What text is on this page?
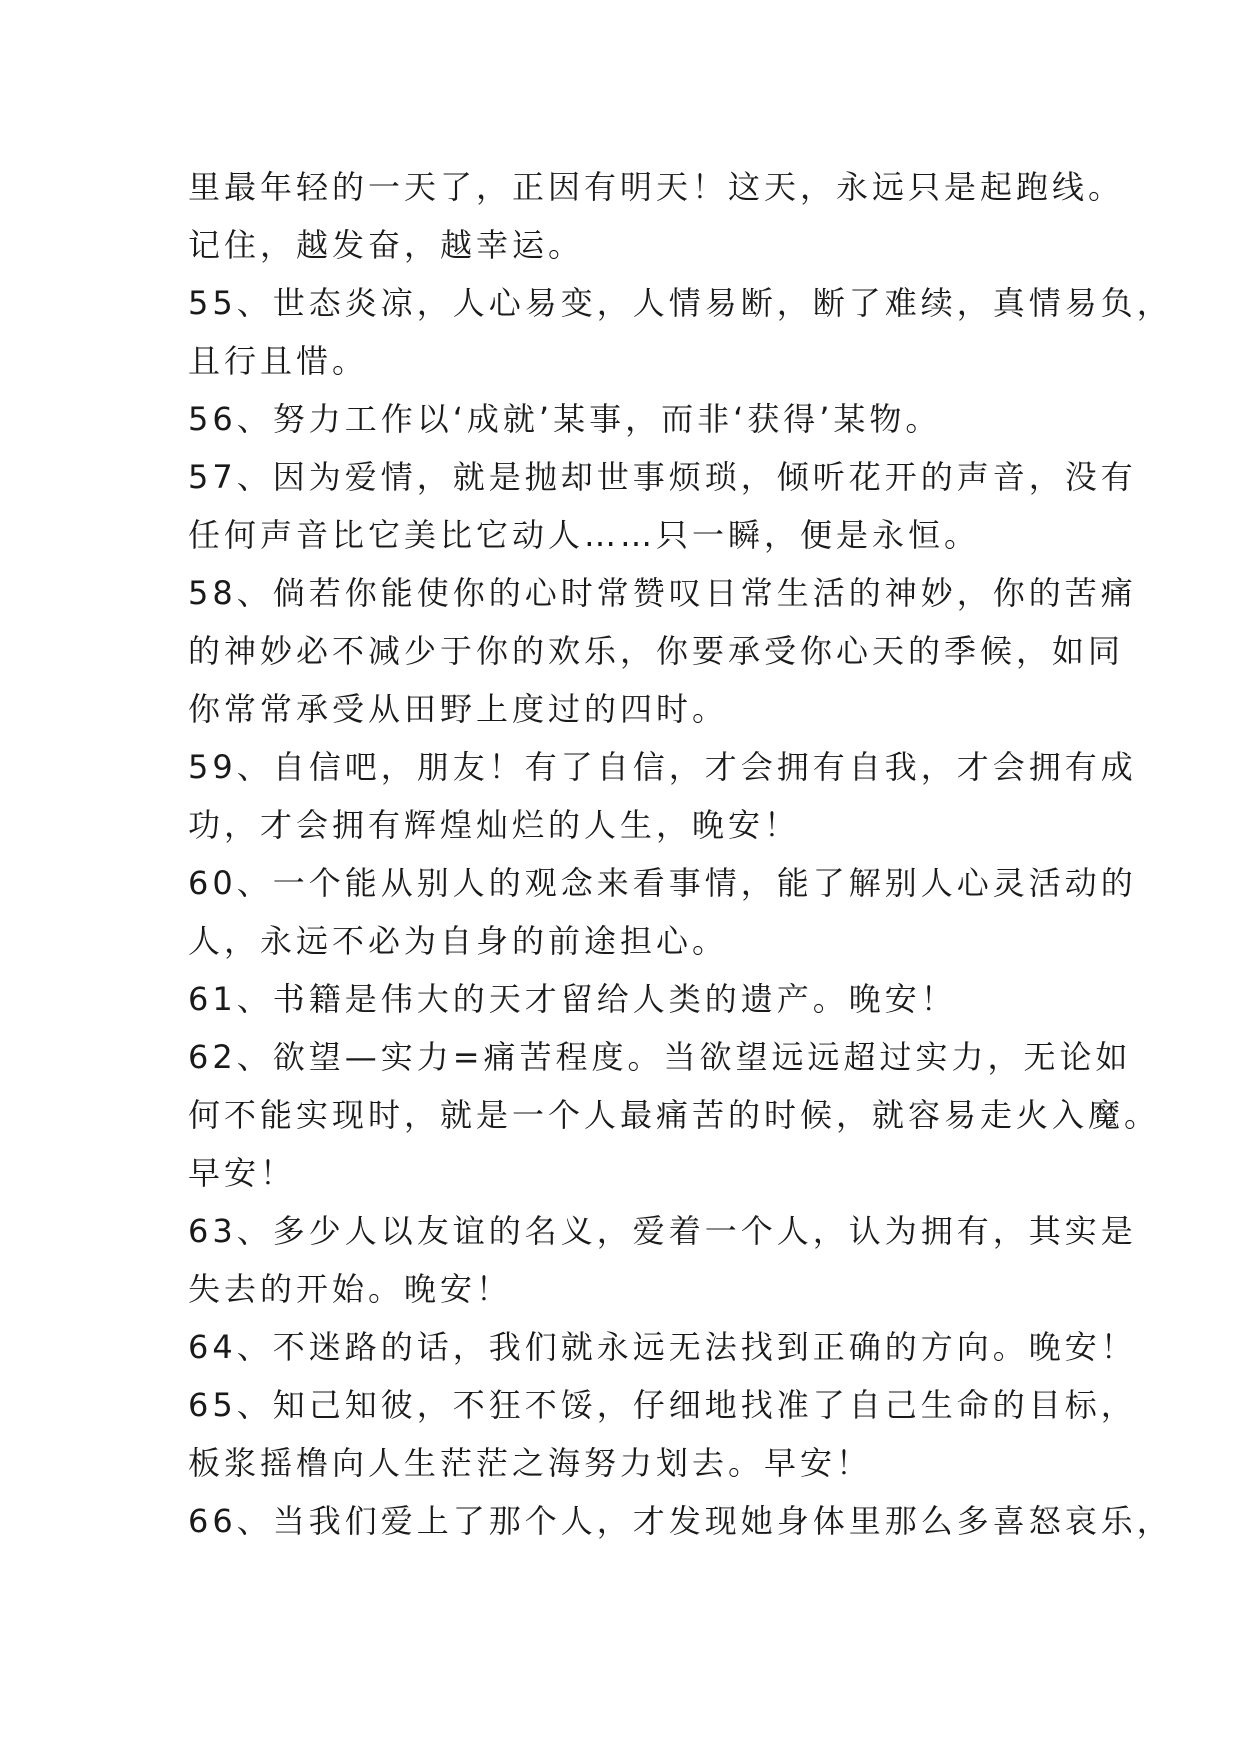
里最年轻的一天了，正因有明天！这天，永远只是起跑线。
记住，越发奋，越幸运。
55、世态炎凉，人心易变，人情易断，断了难续，真情易负，
且行且惜。
56、努力工作以‘成就’某事，而非‘获得’某物。
57、因为爱情，就是抛却世事烦琐，倾听花开的声音，没有
任何声音比它美比它动人……只一瞬，便是永恒。
58、倘若你能使你的心时常赞叹日常生活的神妙，你的苦痛
的神妙必不减少于你的欢乐，你要承受你心天的季候，如同
你常常承受从田野上度过的四时。
59、自信吧，朋友！有了自信，才会拥有自我，才会拥有成
功，才会拥有辉煌灿烂的人生，晚安！
60、一个能从别人的观念来看事情，能了解别人心灵活动的
人，永远不必为自身的前途担心。
61、书籍是伟大的天才留给人类的遗产。晚安！
62、欲望—实力=痛苦程度。当欲望远远超过实力，无论如
何不能实现时，就是一个人最痛苦的时候，就容易走火入魔。
早安！
63、多少人以友谊的名义，爱着一个人，认为拥有，其实是
失去的开始。晚安！
64、不迷路的话，我们就永远无法找到正确的方向。晚安！
65、知己知彼，不狂不馁，仔细地找准了自己生命的目标，
板浆摇橹向人生茫茫之海努力划去。早安！
66、当我们爱上了那个人，才发现她身体里那么多喜怒哀乐，
